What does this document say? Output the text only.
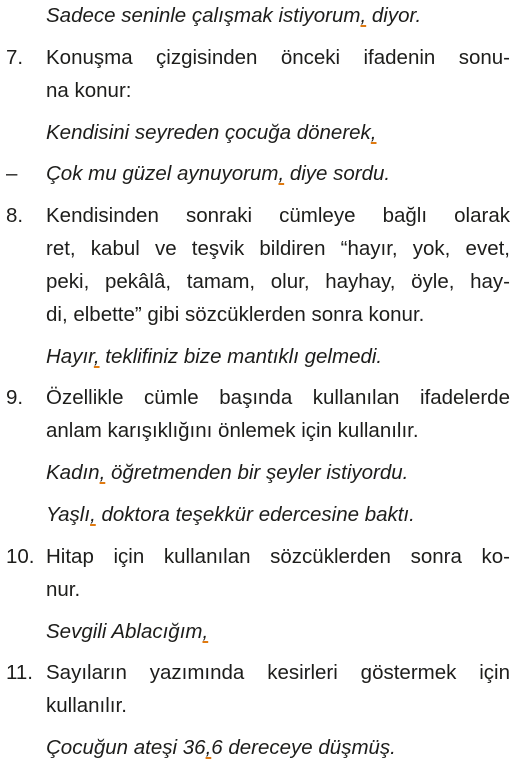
Sadece seninle çalışmak istiyorum, diyor.
7. Konuşma çizgisinden önceki ifadenin sonu-
na konur:
Kendisini seyreden çocuğa dönerek,
– Çok mu güzel aynuyorum, diye sordu.
8. Kendisinden sonraki cümleye bağlı olarak
ret, kabul ve teşvik bildiren “hayır, yok, evet,
peki, pekâlâ, tamam, olur, hayhay, öyle, hay-
di, elbette” gibi sözcüklerden sonra konur.
Hayır, teklifiniz bize mantıklı gelmedi.
9. Özellikle cümle başında kullanılan ifadelerde
anlam karışıklığını önlemek için kullanılır.
Kadın, öğretmenden bir şeyler istiyordu.
Yaşlı, doktora teşekkür edercesine baktı.
10. Hitap için kullanılan sözcüklerden sonra ko-
nur.
Sevgili Ablacığım,
11. Sayıların yazımında kesirleri göstermek için
kullanılır.
Çocuğun ateşi 36,6 dereceye düşmüş.
